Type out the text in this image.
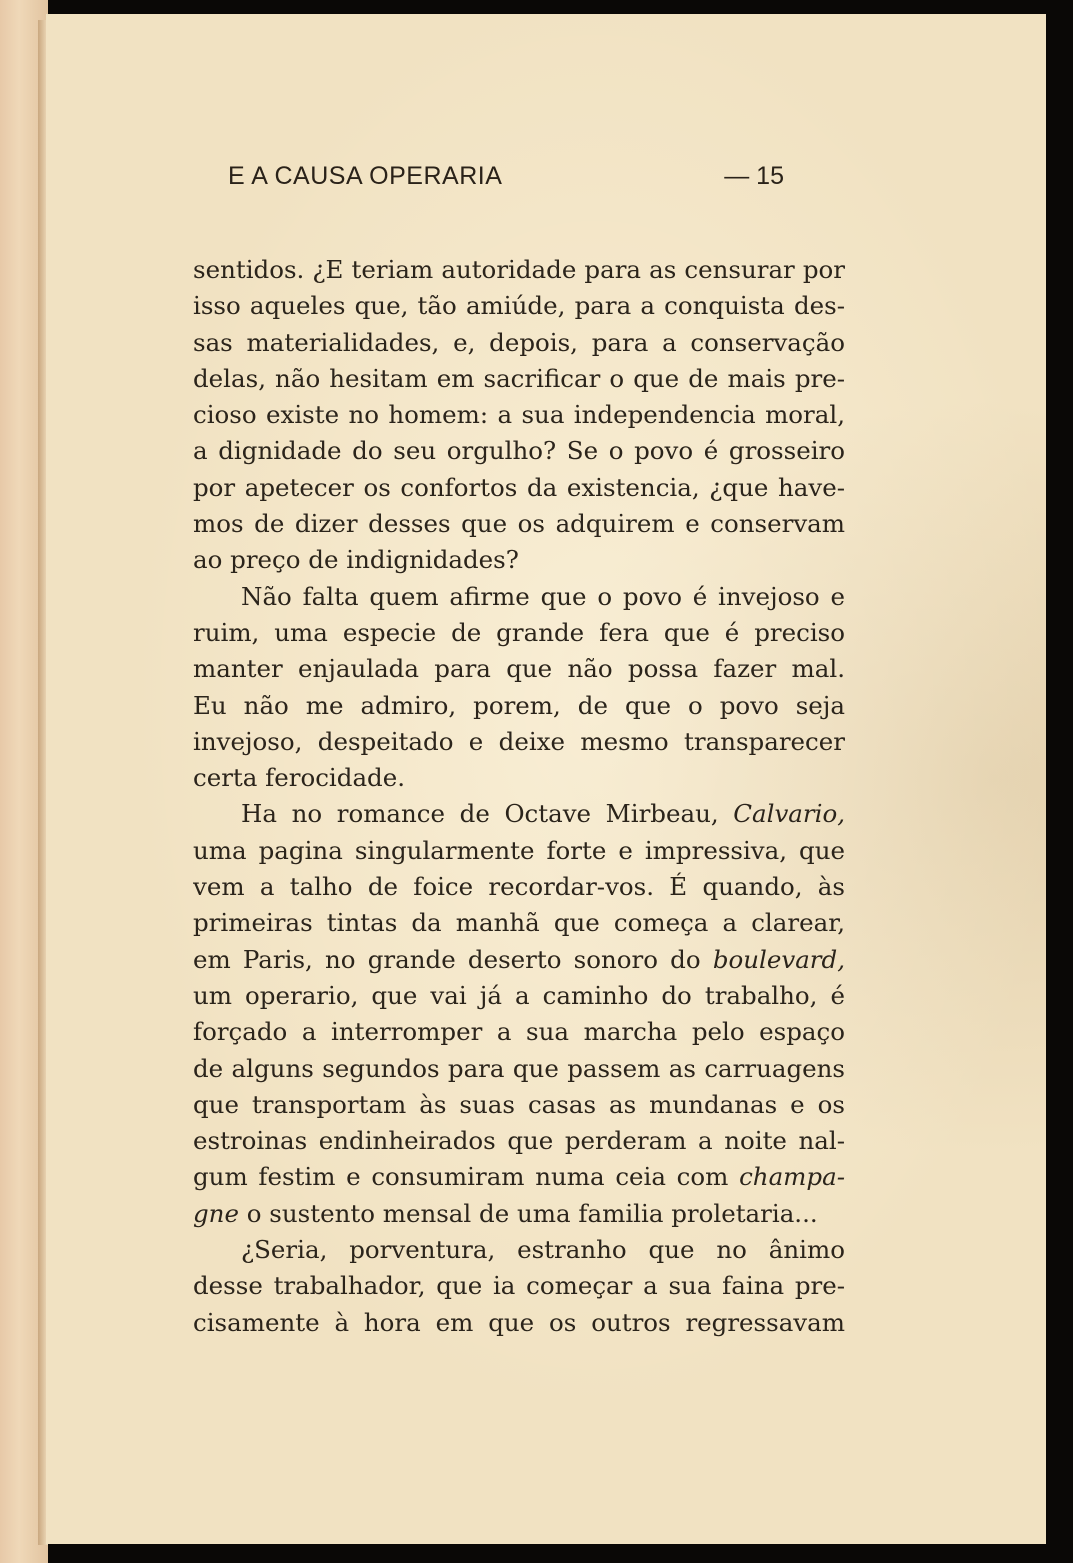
E A CAUSA OPERARIA	— 15
sentidos. ¿E teriam autoridade para as censurar por
isso aqueles que, tão amiúde, para a conquista des-
sas materialidades, e, depois, para a conservação
delas, não hesitam em sacrificar o que de mais pre-
cioso existe no homem: a sua independencia moral,
a dignidade do seu orgulho? Se o povo é grosseiro
por apetecer os confortos da existencia, ¿que have-
mos de dizer desses que os adquirem e conservam
ao preço de indignidades?
Não falta quem afirme que o povo é invejoso e
ruim, uma especie de grande fera que é preciso
manter enjaulada para que não possa fazer mal.
Eu não me admiro, porem, de que o povo seja
invejoso, despeitado e deixe mesmo transparecer
certa ferocidade.
Ha no romance de Octave Mirbeau, Calvario,
uma pagina singularmente forte e impressiva, que
vem a talho de foice recordar-vos. É quando, às
primeiras tintas da manhã que começa a clarear,
em Paris, no grande deserto sonoro do boulevard,
um operario, que vai já a caminho do trabalho, é
forçado a interromper a sua marcha pelo espaço
de alguns segundos para que passem as carruagens
que transportam às suas casas as mundanas e os
estroinas endinheirados que perderam a noite nal-
gum festim e consumiram numa ceia com champa-
gne o sustento mensal de uma familia proletaria...
¿Seria, porventura, estranho que no ânimo
desse trabalhador, que ia começar a sua faina pre-
cisamente à hora em que os outros regressavam
